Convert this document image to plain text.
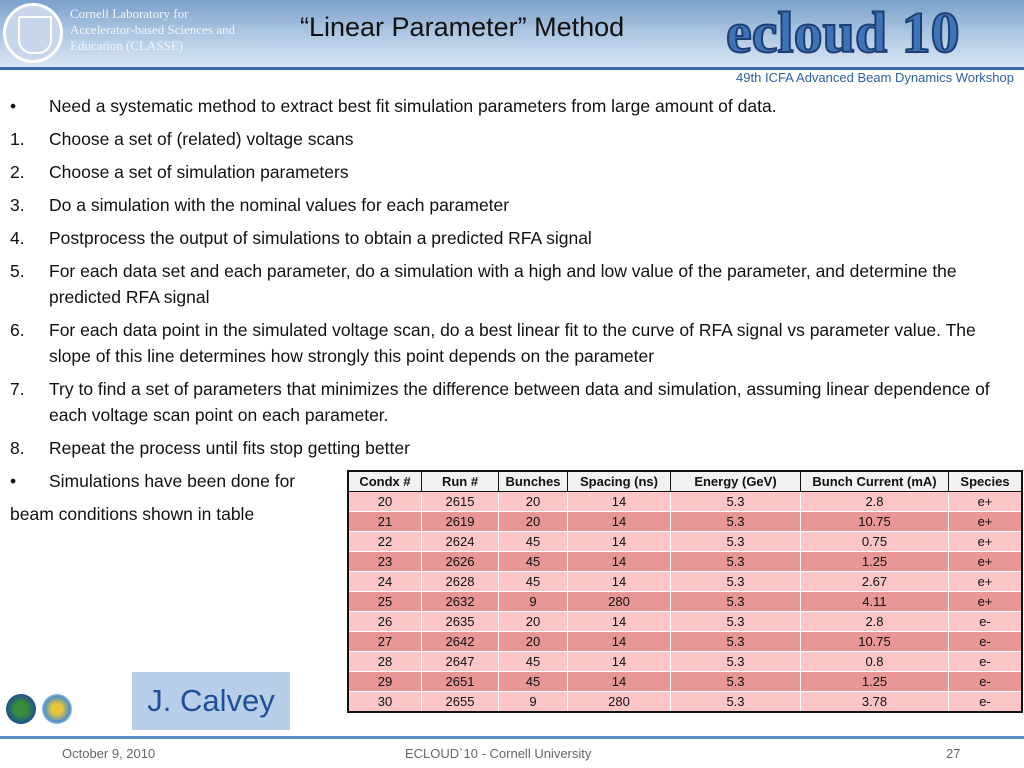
Cornell Laboratory for
Accelerator-based Sciences and
Education (CLASSE)
“Linear Parameter” Method ecloud 10
49th ICFA Advanced Beam Dynamics Workshop
•	Need a systematic method to extract best fit simulation parameters from large amount of data.
1.	Choose a set of (related) voltage scans
2.	Choose a set of simulation parameters
3.	Do a simulation with the nominal values for each parameter
4.	Postprocess the output of simulations to obtain a predicted RFA signal
5.	For each data set and each parameter, do a simulation with a high and low value of the parameter, and determine the predicted RFA signal
6.	For each data point in the simulated voltage scan, do a best linear fit to the curve of RFA signal vs parameter value. The slope of this line determines how strongly this point depends on the parameter
7.	Try to find a set of parameters that minimizes the difference between data and simulation, assuming linear dependence of each voltage scan point on each parameter.
8.	Repeat the process until fits stop getting better
•	Simulations have been done for
beam conditions shown in table
Condx #	Run #	Bunches	Spacing (ns)	Energy (GeV)	Bunch Current (mA)	Species
20	2615	20	14	5.3	2.8	e+
21	2619	20	14	5.3	10.75	e+
22	2624	45	14	5.3	0.75	e+
23	2626	45	14	5.3	1.25	e+
24	2628	45	14	5.3	2.67	e+
25	2632	9	280	5.3	4.11	e+
26	2635	20	14	5.3	2.8	e-
27	2642	20	14	5.3	10.75	e-
28	2647	45	14	5.3	0.8	e-
29	2651	45	14	5.3	1.25	e-
30	2655	9	280	5.3	3.78	e-
J. Calvey
October 9, 2010	ECLOUD`10 - Cornell University	27
